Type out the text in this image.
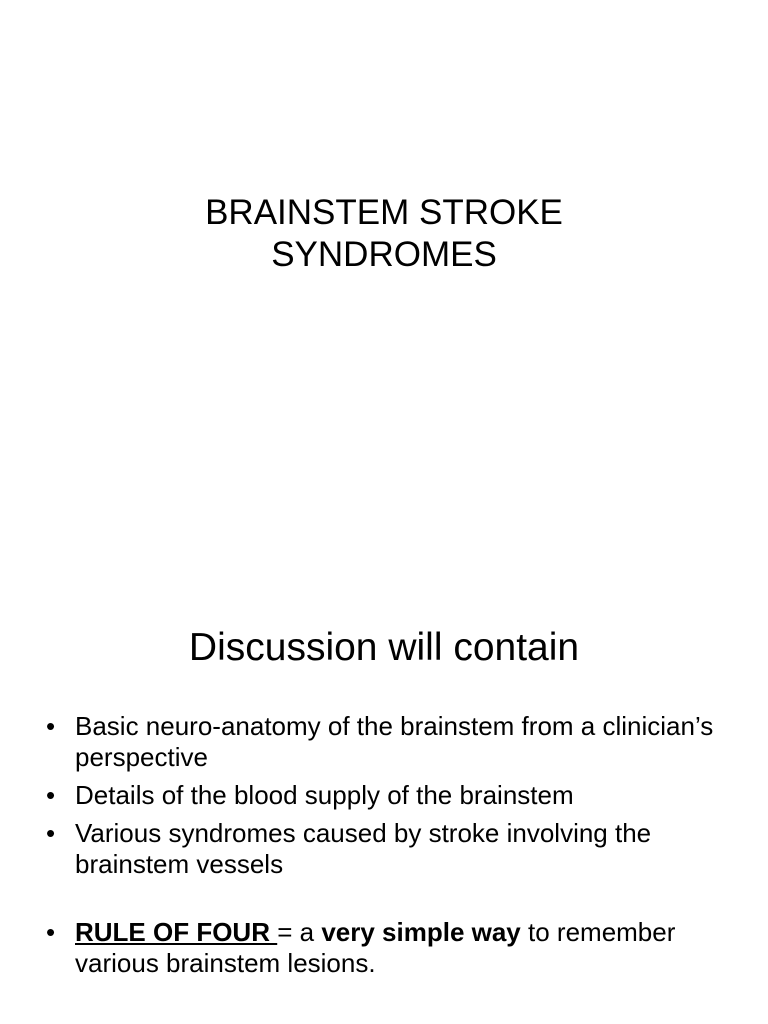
BRAINSTEM STROKE
SYNDROMES
Discussion will contain
• Basic neuro-anatomy of the brainstem from a clinician’s perspective
• Details of the blood supply of the brainstem
• Various syndromes caused by stroke involving the brainstem vessels
• RULE OF FOUR = a very simple way to remember various brainstem lesions.
